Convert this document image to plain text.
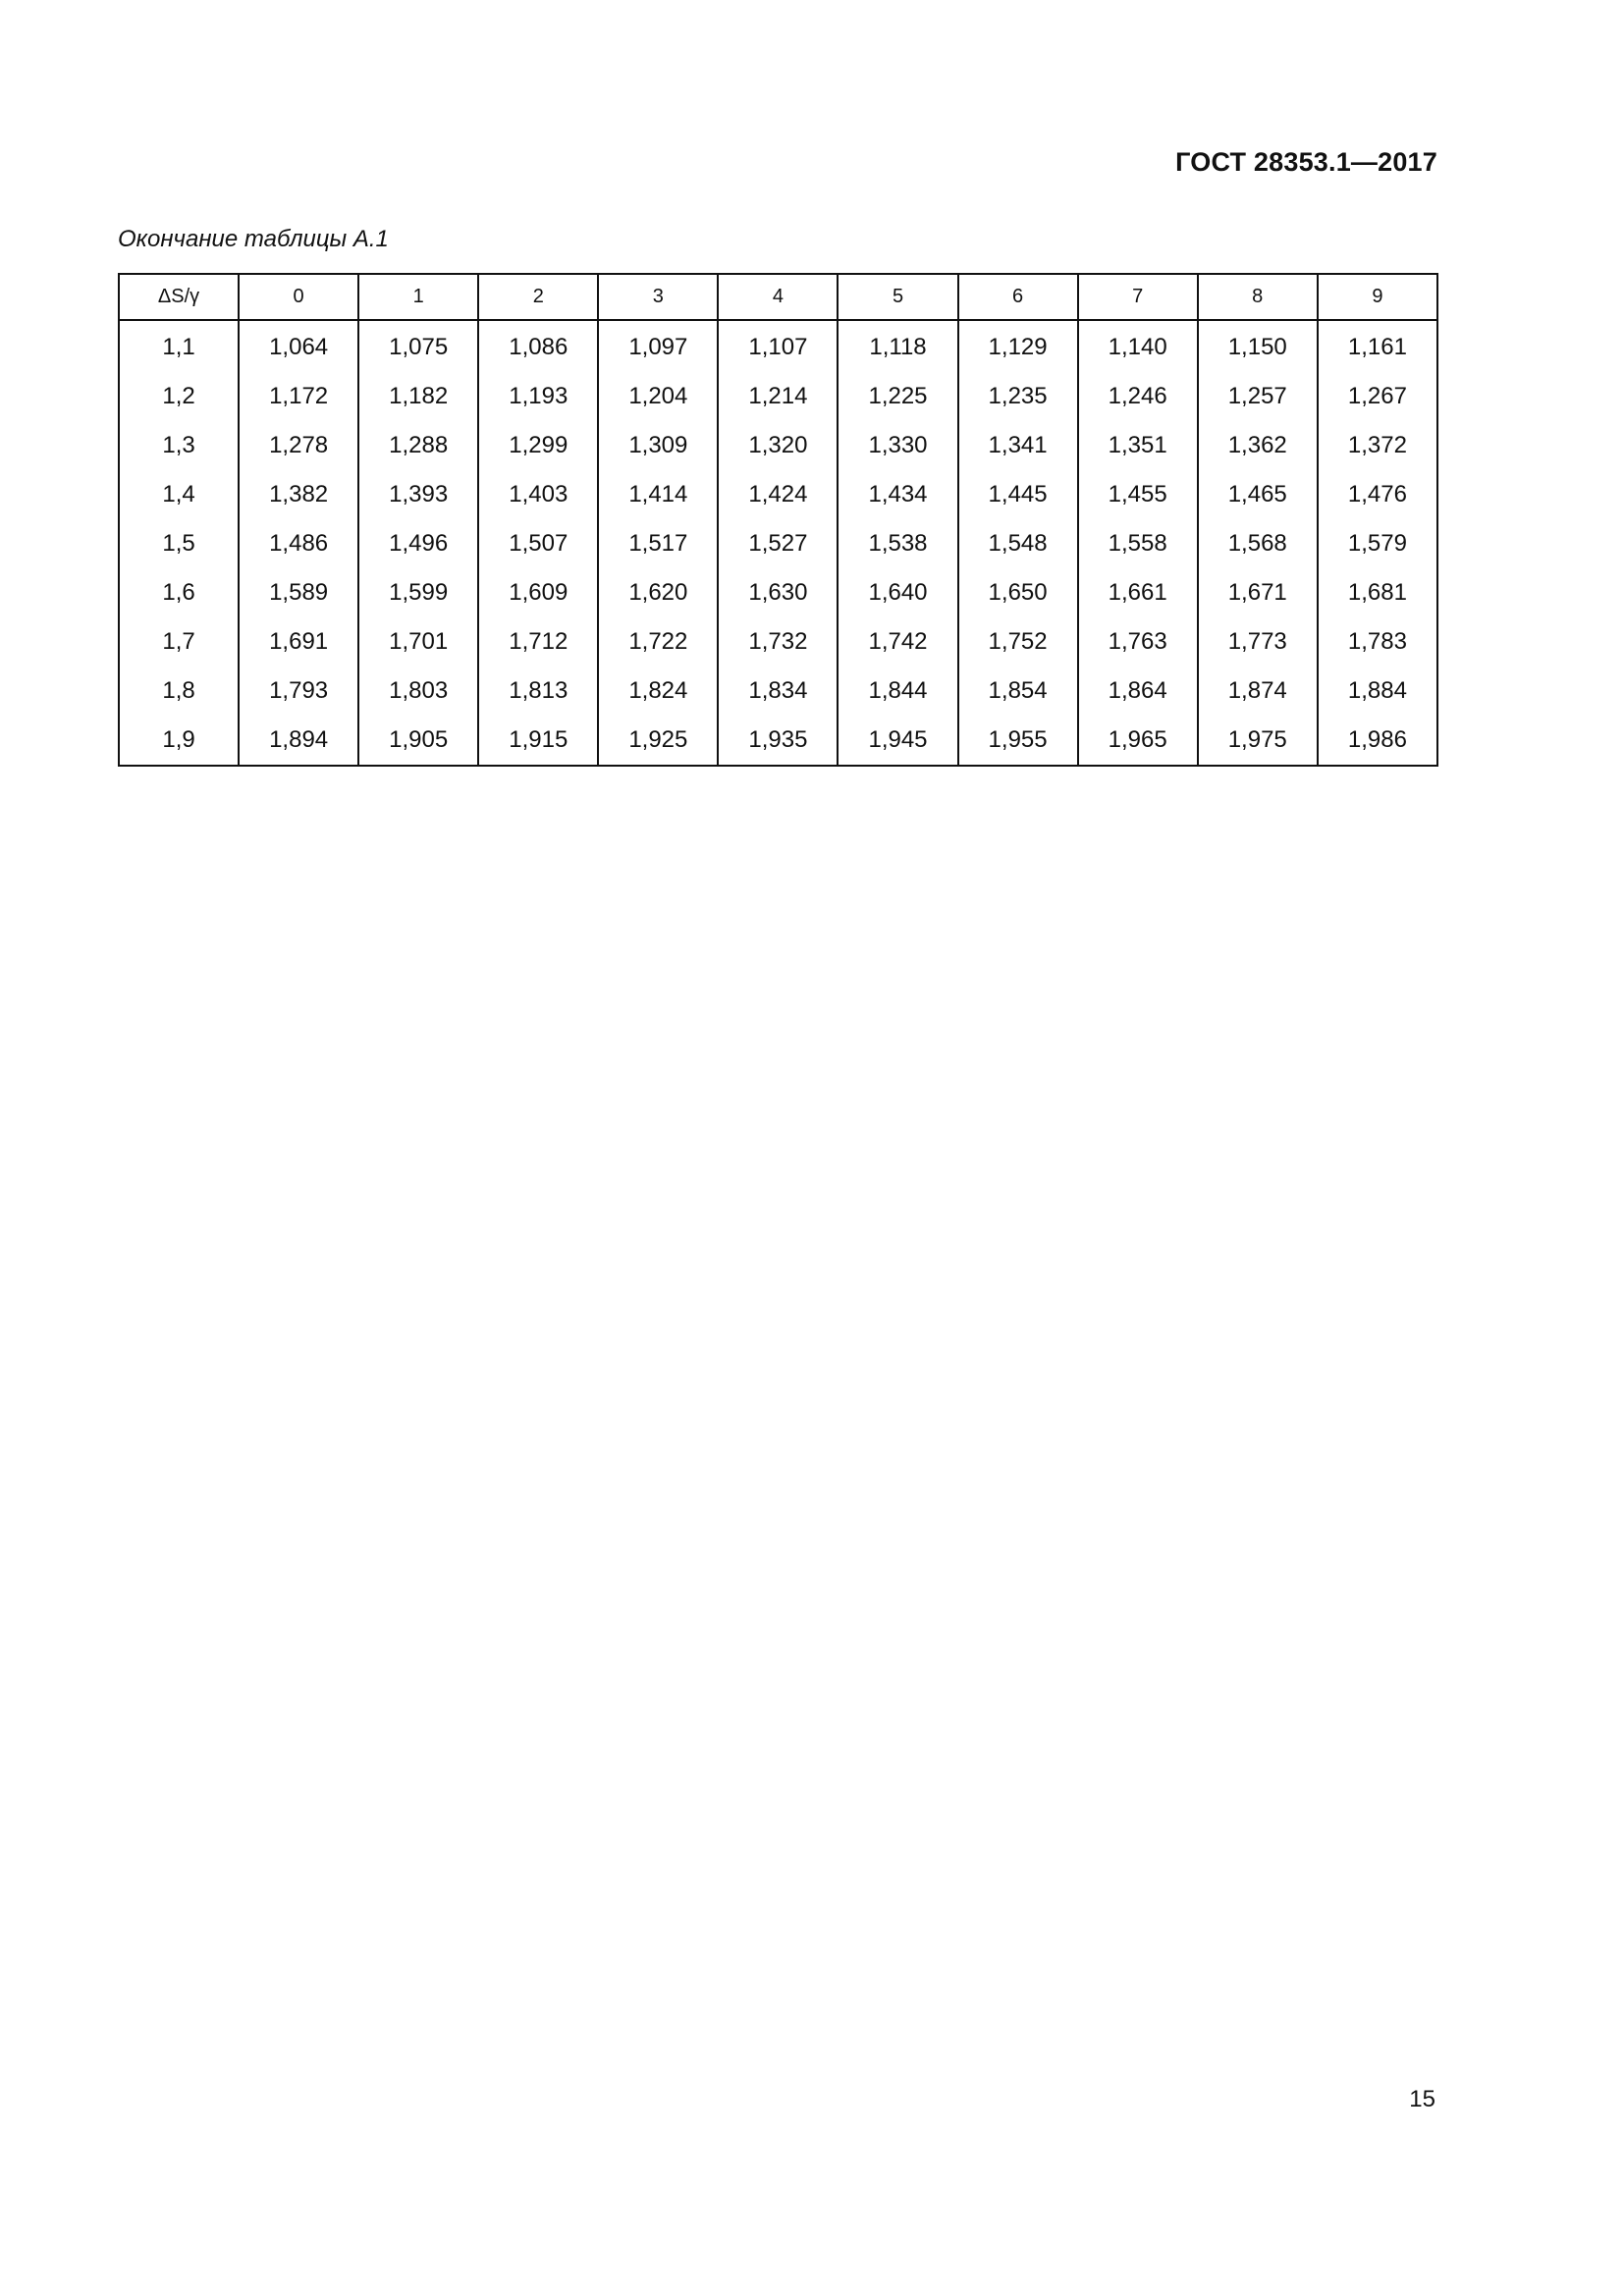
ГОСТ 28353.1—2017
Окончание таблицы А.1
ΔS/γ	0	1	2	3	4	5	6	7	8	9
1,1	1,064	1,075	1,086	1,097	1,107	1,118	1,129	1,140	1,150	1,161
1,2	1,172	1,182	1,193	1,204	1,214	1,225	1,235	1,246	1,257	1,267
1,3	1,278	1,288	1,299	1,309	1,320	1,330	1,341	1,351	1,362	1,372
1,4	1,382	1,393	1,403	1,414	1,424	1,434	1,445	1,455	1,465	1,476
1,5	1,486	1,496	1,507	1,517	1,527	1,538	1,548	1,558	1,568	1,579
1,6	1,589	1,599	1,609	1,620	1,630	1,640	1,650	1,661	1,671	1,681
1,7	1,691	1,701	1,712	1,722	1,732	1,742	1,752	1,763	1,773	1,783
1,8	1,793	1,803	1,813	1,824	1,834	1,844	1,854	1,864	1,874	1,884
1,9	1,894	1,905	1,915	1,925	1,935	1,945	1,955	1,965	1,975	1,986
15
